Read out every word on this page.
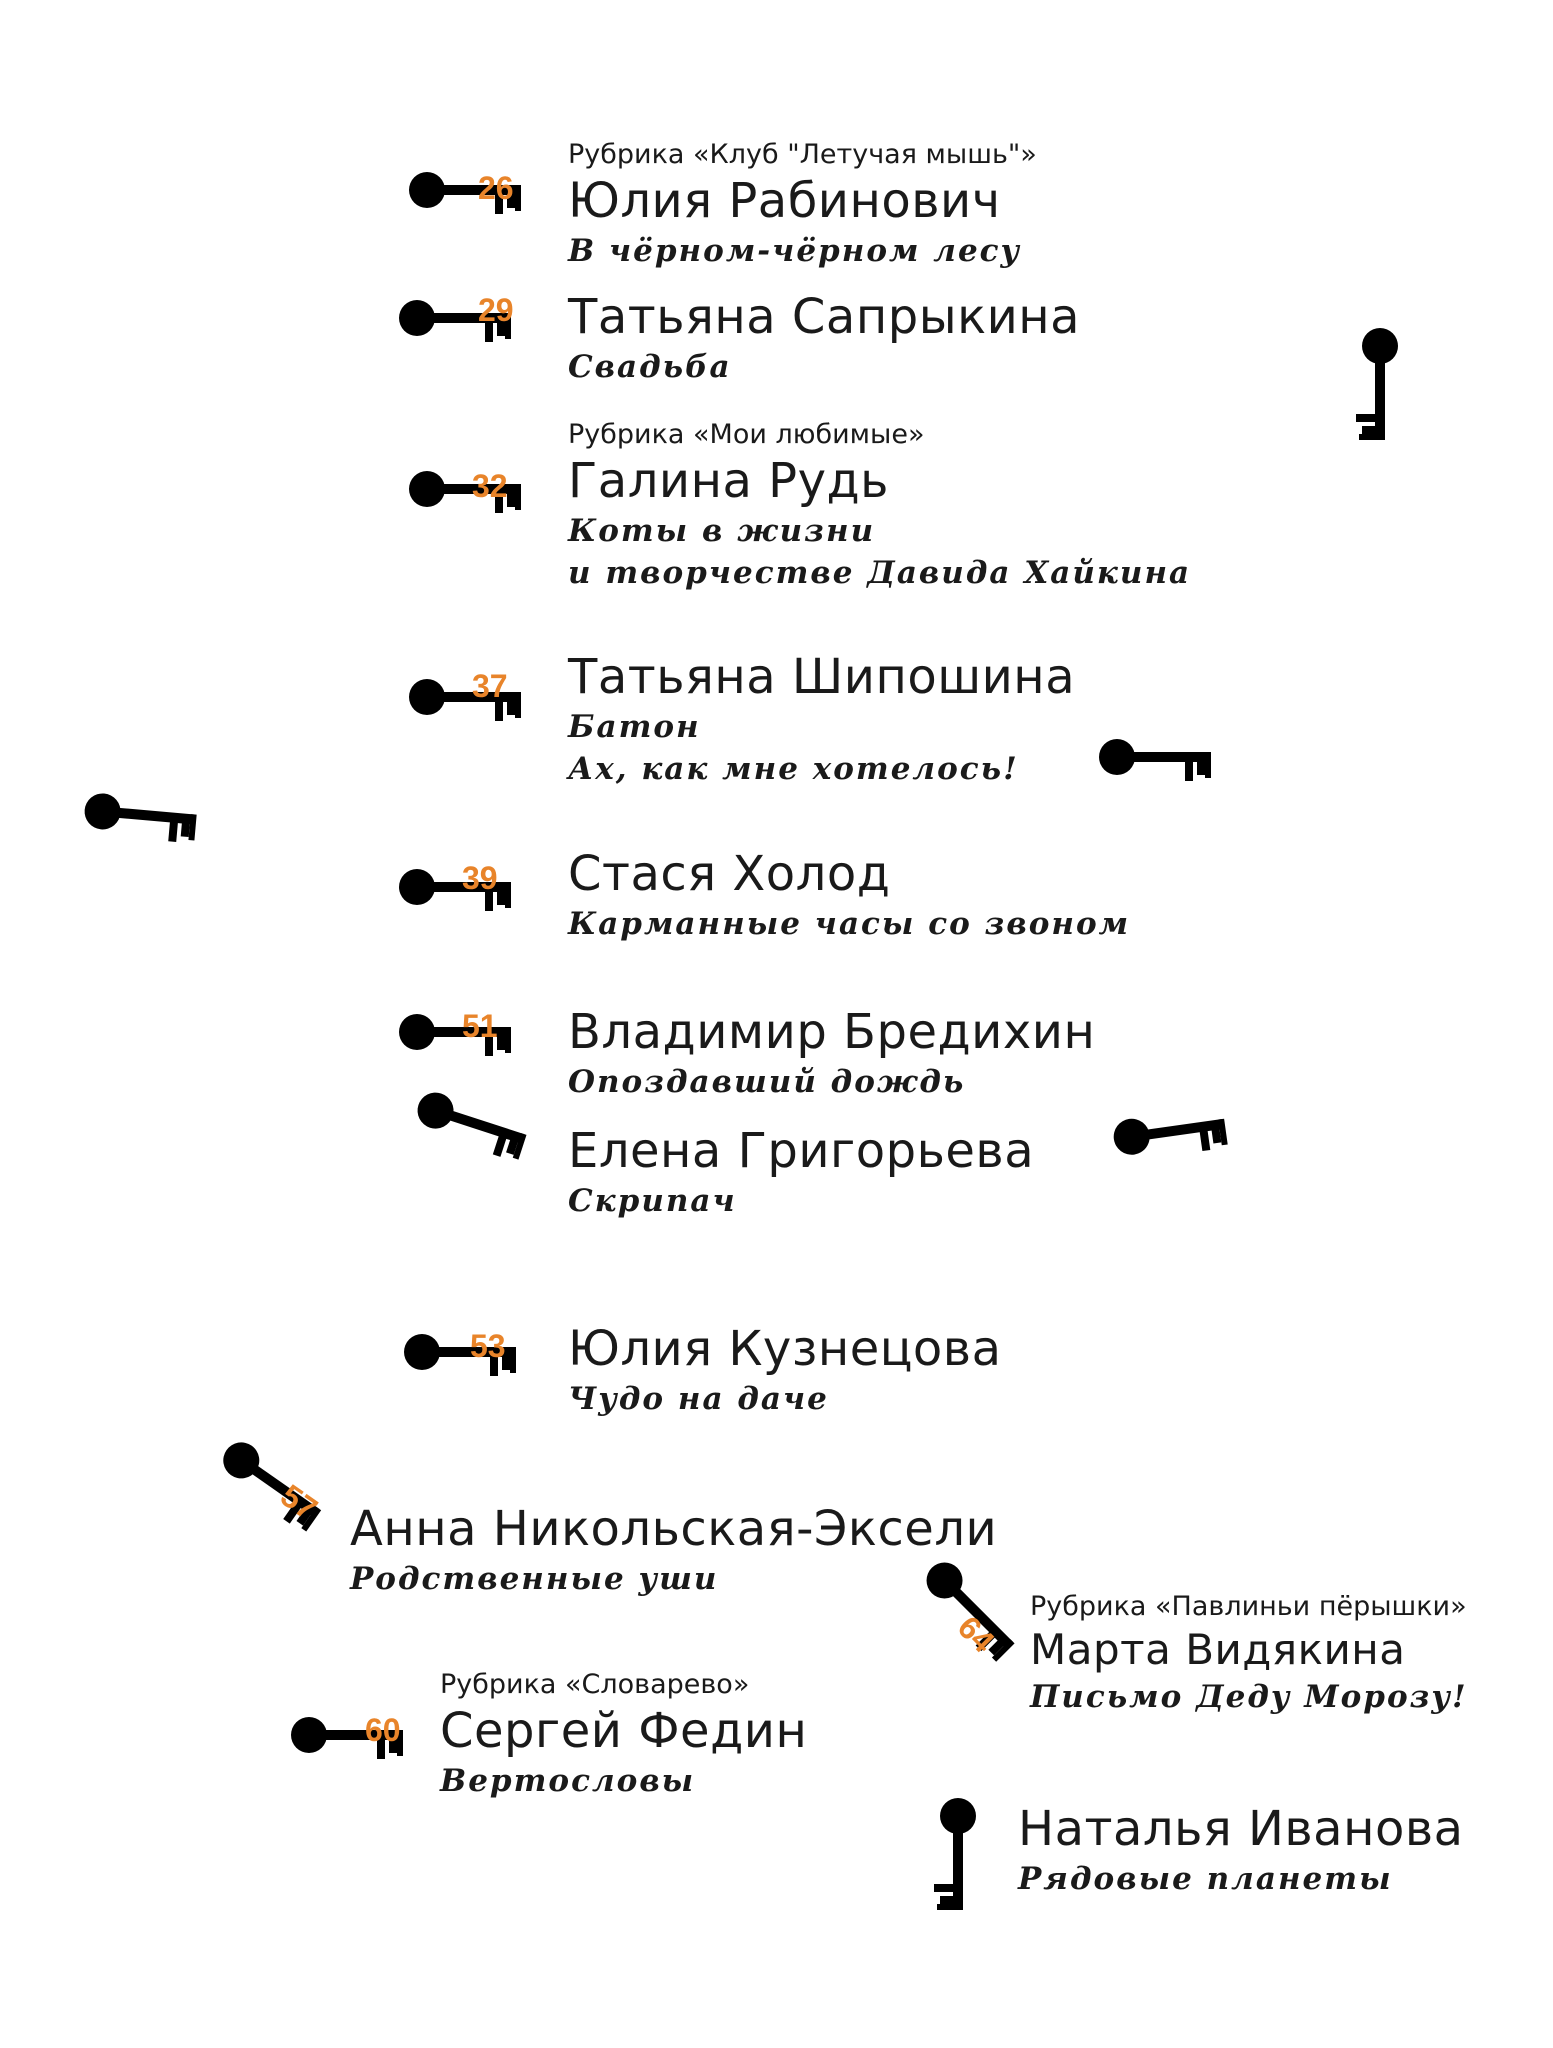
26
29
32
37
39
51
53
57
64
60
Рубрика «Клуб "Летучая мышь"»
Юлия Рабинович
В чёрном-чёрном лесу
Татьяна Сапрыкина
Свадьба
Рубрика «Мои любимые»
Галина Рудь
Коты в жизни
и творчестве Давида Хайкина
Татьяна Шипошина
Батон
Ах, как мне хотелось!
Стася Холод
Карманные часы со звоном
Владимир Бредихин
Опоздавший дождь
Елена Григорьева
Скрипач
Юлия Кузнецова
Чудо на даче
Анна Никольская-Эксели
Родственные уши
Рубрика «Павлиньи пёрышки»
Марта Видякина
Письмо Деду Морозу!
Рубрика «Словарево»
Сергей Федин
Вертословы
Наталья Иванова
Рядовые планеты
